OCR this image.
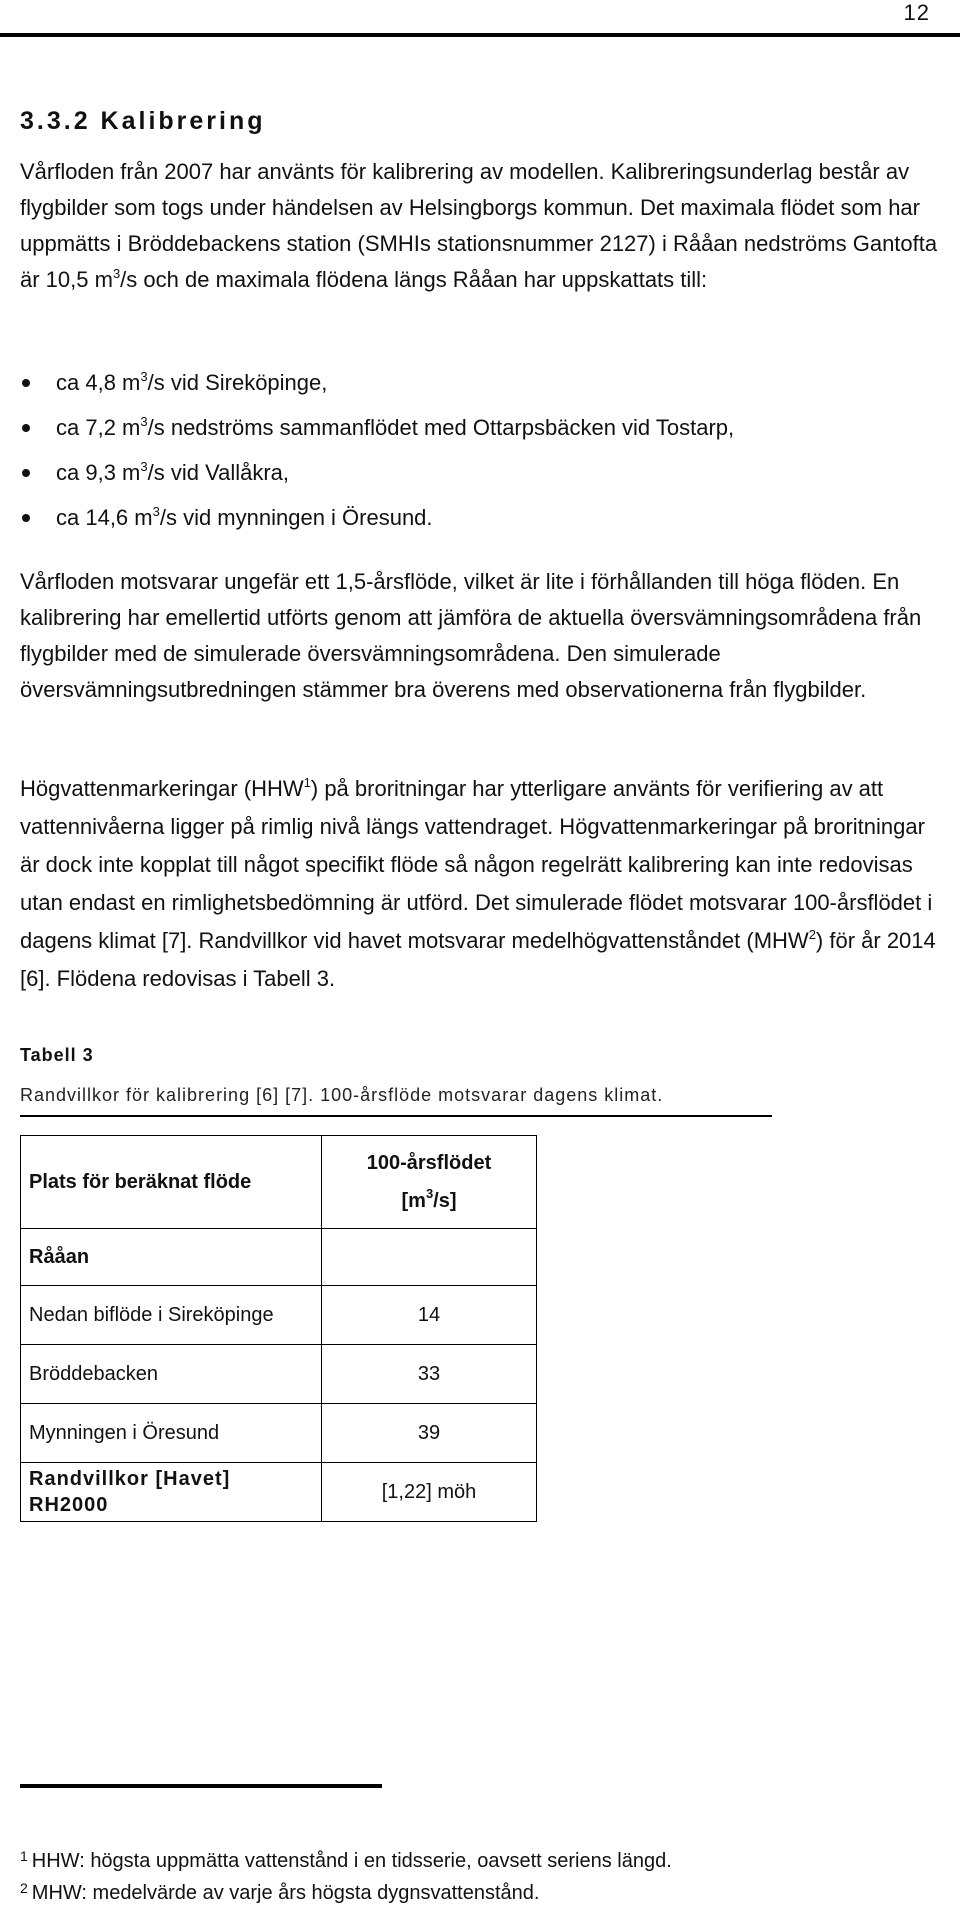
12
3.3.2 Kalibrering

Vårfloden från 2007 har använts för kalibrering av modellen. Kalibreringsunderlag består av flygbilder som togs under händelsen av Helsingborgs kommun. Det maximala flödet som har uppmätts i Bröddebackens station (SMHIs stationsnummer 2127) i Rååan nedströms Gantofta är 10,5 $m^3/s$ och de maximala flödena längs Rååan har uppskattats till:

ca 4,8 $m^3/s$ vid Sireköpinge,
ca 7,2 $m^3/s$ nedströms sammanflödet med Ottarpsbäcken vid Tostarp,
ca 9,3 $m^3/s$ vid Vallåkra,
ca 14,6 $m^3/s$ vid mynningen i Öresund.

Vårfloden motsvarar ungefär ett 1,5-årsflöde, vilket är lite i förhållanden till höga flöden. En kalibrering har emellertid utförts genom att jämföra de aktuella översvämningsområdena från flygbilder med de simulerade översvämningsområdena. Den simulerade översvämningsutbredningen stämmer bra överens med observationerna från flygbilder.

Högvattenmarkeringar (HHW$^1$) på broritningar har ytterligare använts för verifiering av att vattennivåerna ligger på rimlig nivå längs vattendraget. Högvattenmarkeringar på broritningar är dock inte kopplat till något specifikt flöde så någon regelrätt kalibrering kan inte redovisas utan endast en rimlighetsbedömning är utförd. Det simulerade flödet motsvarar 100-årsflödet i dagens klimat [7]. Randvillkor vid havet motsvarar medelhögvattenståndet (MHW$^2$) för år 2014 [6]. Flödena redovisas i Tabell 3.

Tabell 3
Randvillkor för kalibrering [6] [7]. 100-årsflöde motsvarar dagens klimat.
Plats för beräknat flöde	100-årsflödet
$[m^3/s]$
Rååan	
Nedan biflöde i Sireköpinge	14
Bröddebacken	33
Mynningen i Öresund	39
Randvillkor [Havet]
RH2000	[1,22] möh
$^1$ HHW: högsta uppmätta vattenstånd i en tidsserie, oavsett seriens längd.
$^2$ MHW: medelvärde av varje års högsta dygnsvattenstånd.
